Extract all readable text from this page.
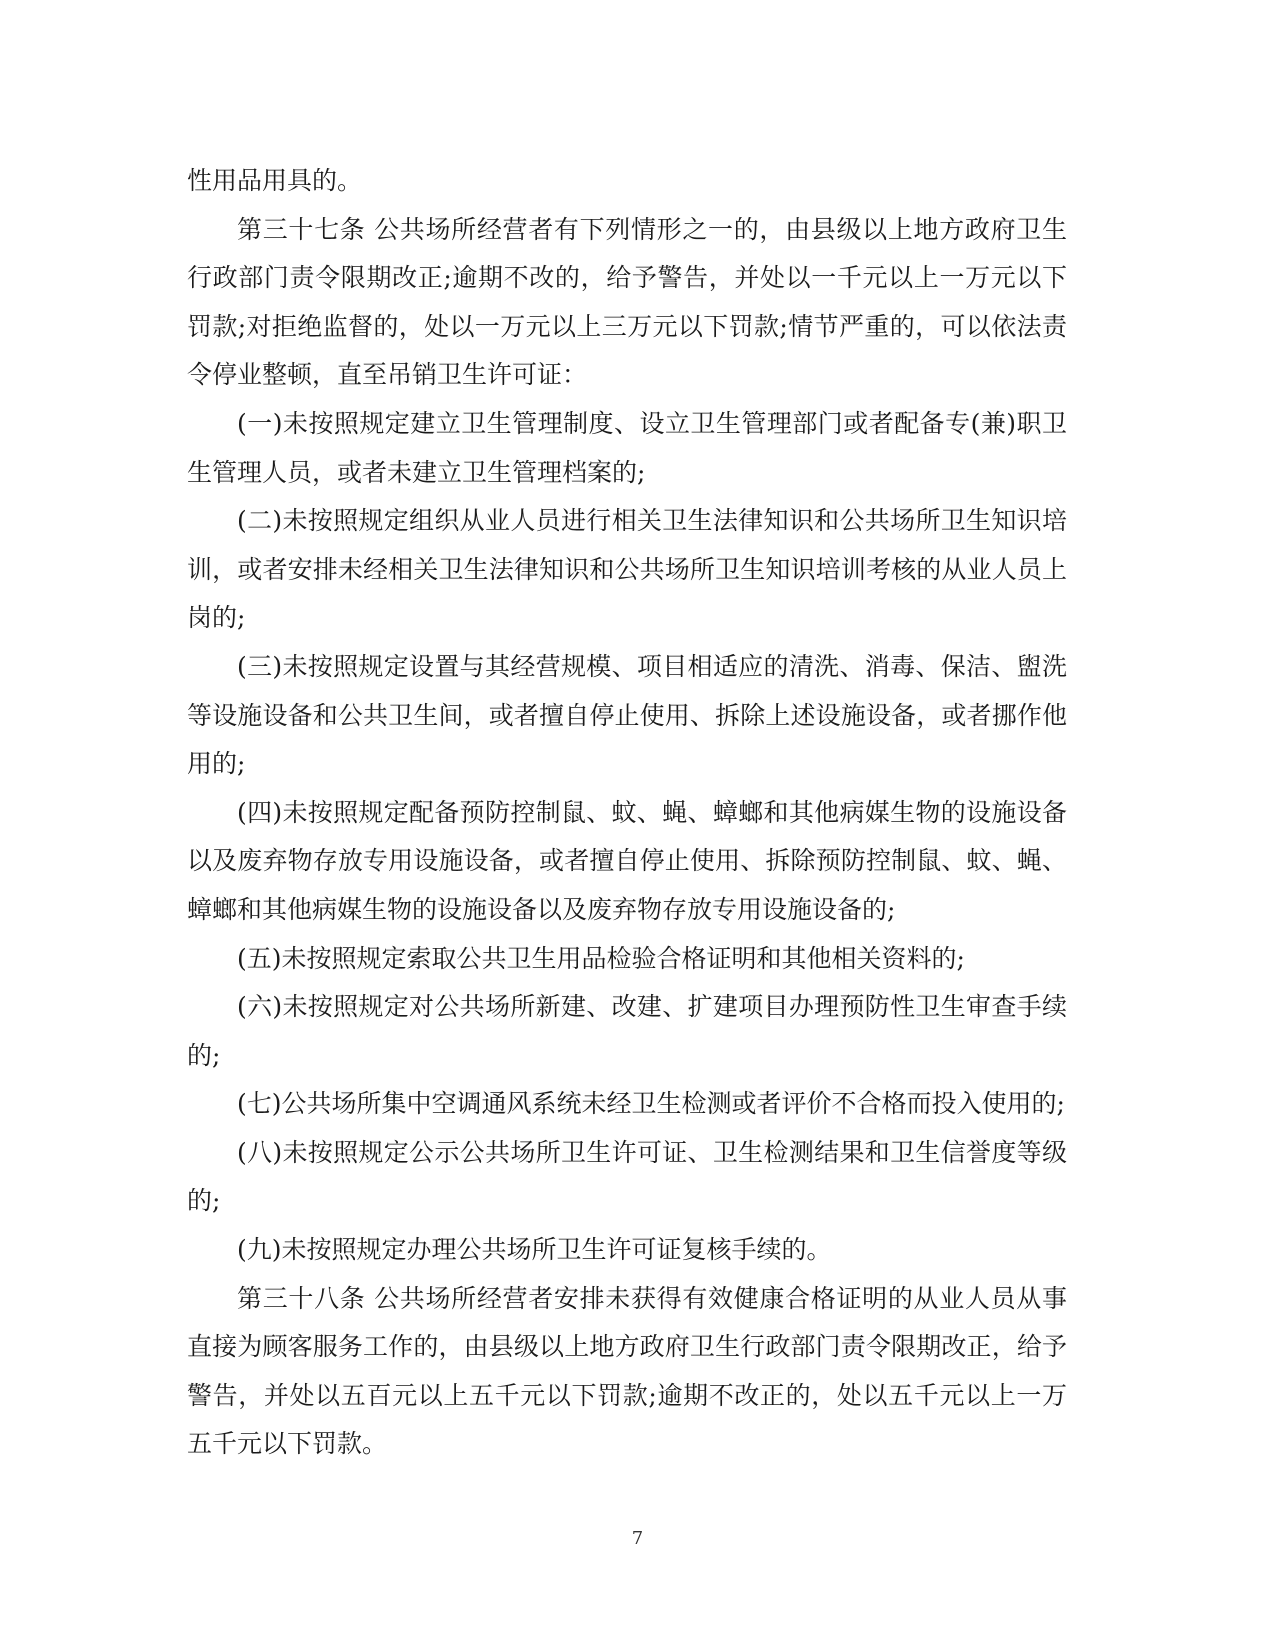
性用品用具的。

第三十七条 公共场所经营者有下列情形之一的，由县级以上地方政府卫生行政部门责令限期改正;逾期不改的，给予警告，并处以一千元以上一万元以下罚款;对拒绝监督的，处以一万元以上三万元以下罚款;情节严重的，可以依法责令停业整顿，直至吊销卫生许可证：

(一)未按照规定建立卫生管理制度、设立卫生管理部门或者配备专(兼)职卫生管理人员，或者未建立卫生管理档案的;

(二)未按照规定组织从业人员进行相关卫生法律知识和公共场所卫生知识培训，或者安排未经相关卫生法律知识和公共场所卫生知识培训考核的从业人员上岗的;

(三)未按照规定设置与其经营规模、项目相适应的清洗、消毒、保洁、盥洗等设施设备和公共卫生间，或者擅自停止使用、拆除上述设施设备，或者挪作他用的;

(四)未按照规定配备预防控制鼠、蚊、蝇、蟑螂和其他病媒生物的设施设备以及废弃物存放专用设施设备，或者擅自停止使用、拆除预防控制鼠、蚊、蝇、蟑螂和其他病媒生物的设施设备以及废弃物存放专用设施设备的;

(五)未按照规定索取公共卫生用品检验合格证明和其他相关资料的;

(六)未按照规定对公共场所新建、改建、扩建项目办理预防性卫生审查手续的;

(七)公共场所集中空调通风系统未经卫生检测或者评价不合格而投入使用的;

(八)未按照规定公示公共场所卫生许可证、卫生检测结果和卫生信誉度等级的;

(九)未按照规定办理公共场所卫生许可证复核手续的。

第三十八条 公共场所经营者安排未获得有效健康合格证明的从业人员从事直接为顾客服务工作的，由县级以上地方政府卫生行政部门责令限期改正，给予警告，并处以五百元以上五千元以下罚款;逾期不改正的，处以五千元以上一万五千元以下罚款。

7
